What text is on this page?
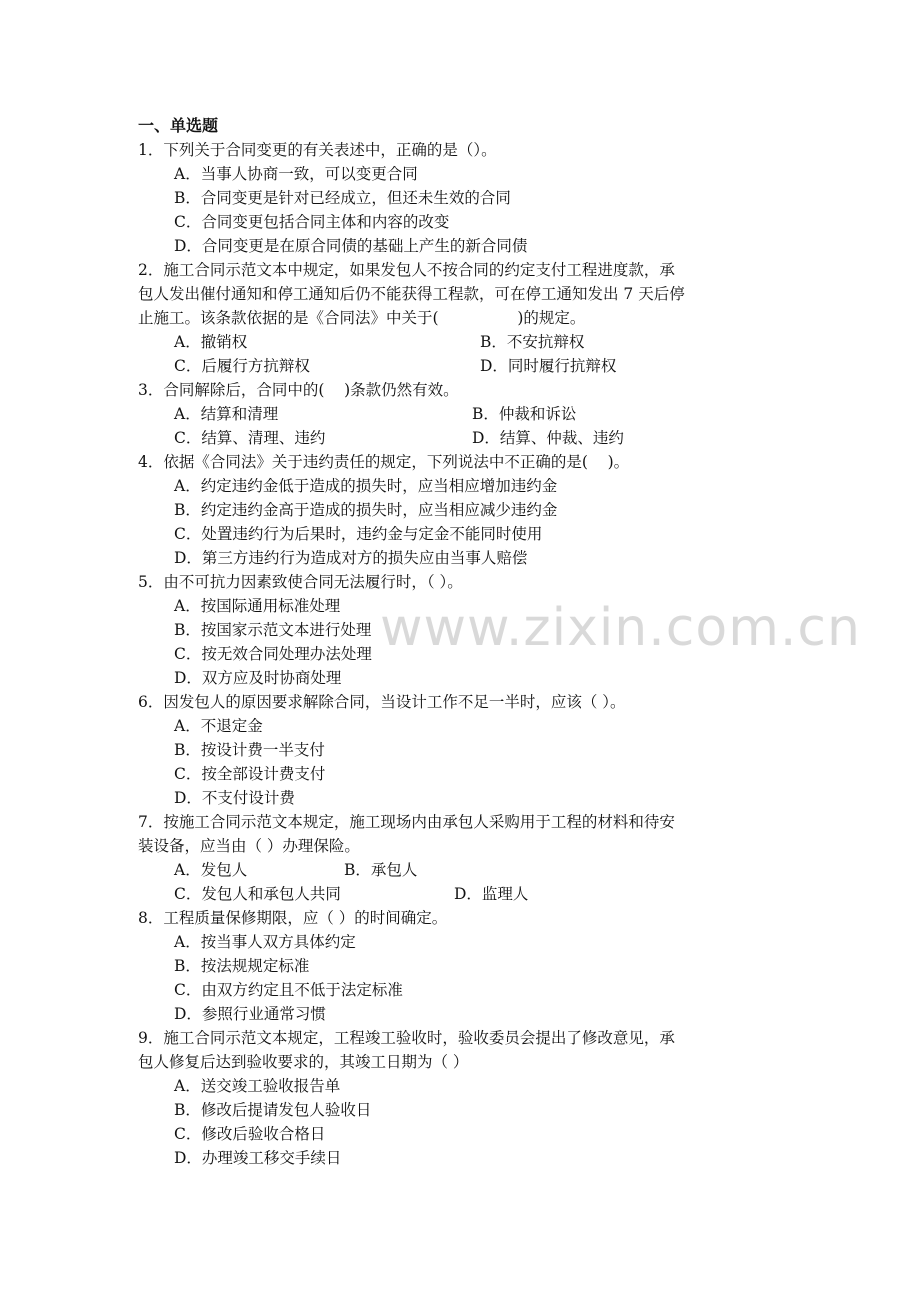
www.zixin.com.cn
一、单选题
1．下列关于合同变更的有关表述中，正确的是（）。
A．当事人协商一致，可以变更合同
B．合同变更是针对已经成立，但还未生效的合同
C．合同变更包括合同主体和内容的改变
D．合同变更是在原合同债的基础上产生的新合同债
2．施工合同示范文本中规定，如果发包人不按合同的约定支付工程进度款，承
包人发出催付通知和停工通知后仍不能获得工程款，可在停工通知发出 7 天后停
止施工。该条款依据的是《合同法》中关于(                )的规定。
A．撤销权	B．不安抗辩权
C．后履行方抗辩权	D．同时履行抗辩权
3．合同解除后，合同中的(    )条款仍然有效。
A．结算和清理	B．仲裁和诉讼
C．结算、清理、违约	D．结算、仲裁、违约
4．依据《合同法》关于违约责任的规定，下列说法中不正确的是(    )。
A．约定违约金低于造成的损失时，应当相应增加违约金
B．约定违约金高于造成的损失时，应当相应减少违约金
C．处置违约行为后果时，违约金与定金不能同时使用
D．第三方违约行为造成对方的损失应由当事人赔偿
5．由不可抗力因素致使合同无法履行时，（ ）。
A．按国际通用标准处理
B．按国家示范文本进行处理
C．按无效合同处理办法处理
D．双方应及时协商处理
6．因发包人的原因要求解除合同，当设计工作不足一半时，应该（ ）。
A．不退定金
B．按设计费一半支付
C．按全部设计费支付
D．不支付设计费
7．按施工合同示范文本规定，施工现场内由承包人采购用于工程的材料和待安
装设备，应当由（ ）办理保险。
A．发包人	B．承包人
C．发包人和承包人共同	D．监理人
8．工程质量保修期限，应（ ）的时间确定。
A．按当事人双方具体约定
B．按法规规定标准
C．由双方约定且不低于法定标准
D．参照行业通常习惯
9．施工合同示范文本规定，工程竣工验收时，验收委员会提出了修改意见，承
包人修复后达到验收要求的，其竣工日期为（ ）
A．送交竣工验收报告单
B．修改后提请发包人验收日
C．修改后验收合格日
D．办理竣工移交手续日
